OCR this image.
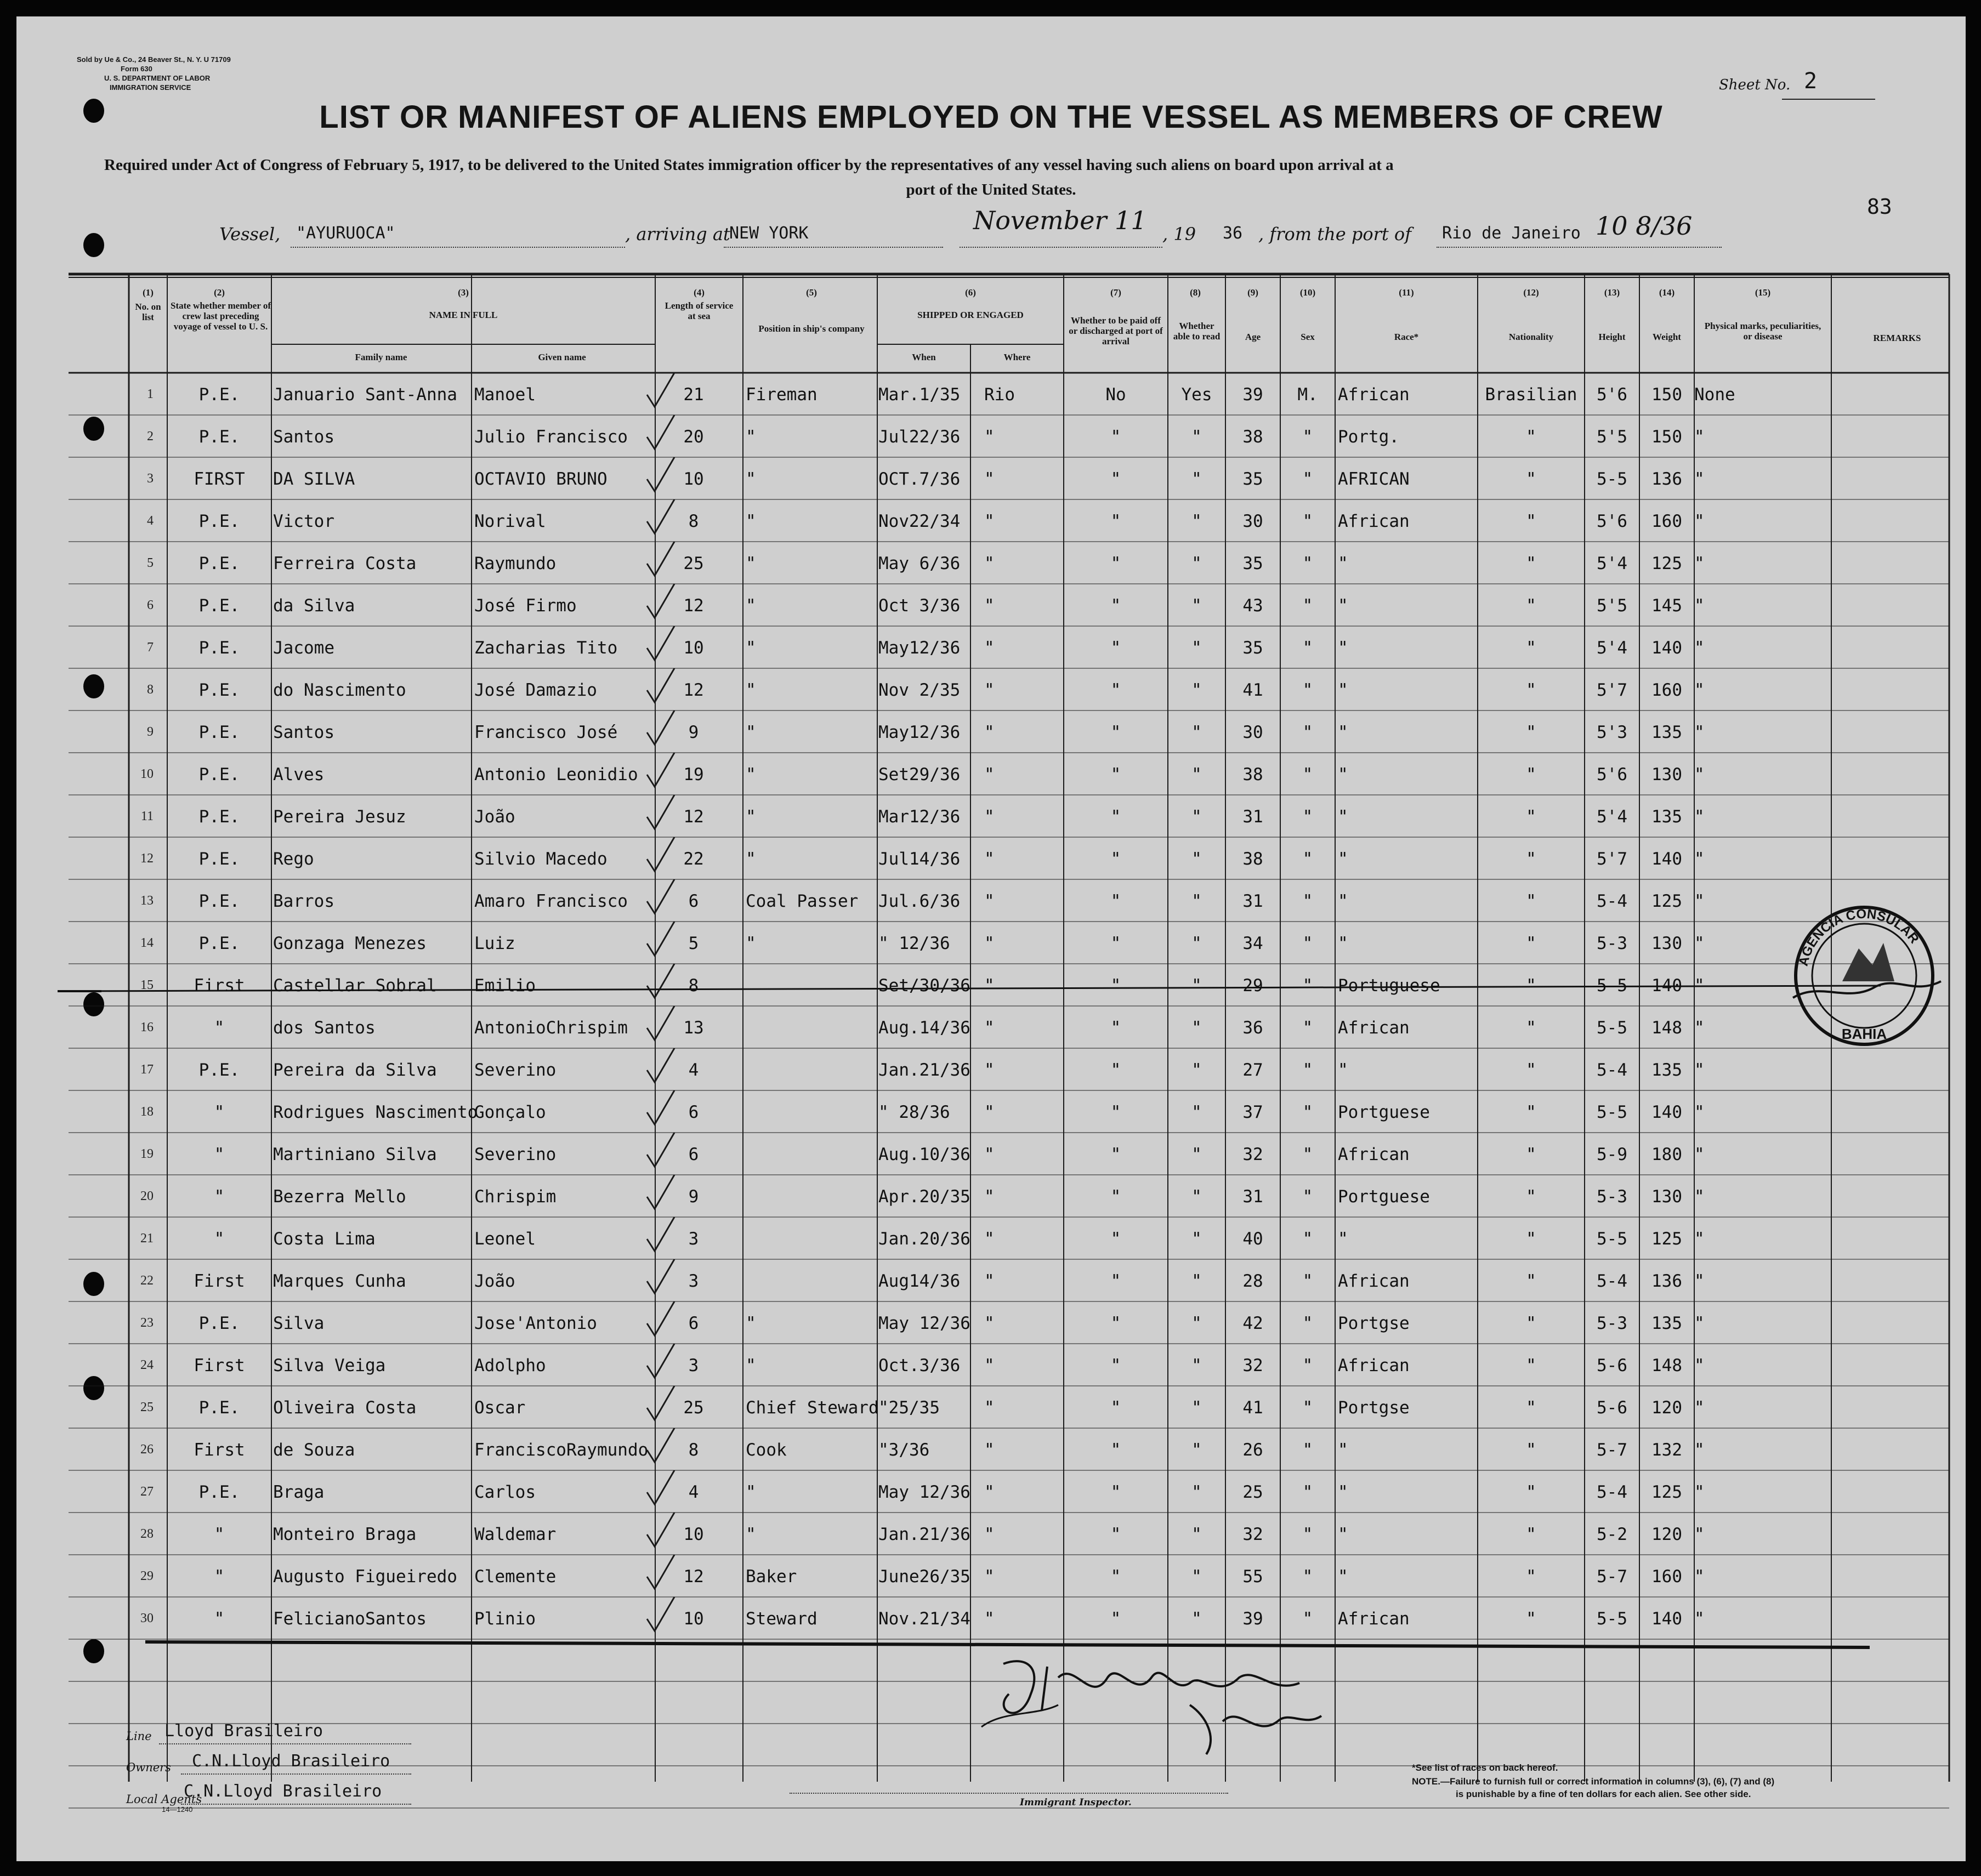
Sold by Ue & Co., 24 Beaver St., N. Y. U 71709
Form 630
U. S. DEPARTMENT OF LABOR
IMMIGRATION SERVICE	Sheet No. 2
LIST OR MANIFEST OF ALIENS EMPLOYED ON THE VESSEL AS MEMBERS OF CREW
Required under Act of Congress of February 5, 1917, to be delivered to the United States immigration officer by the representatives of any vessel having such aliens on board upon arrival at a
port of the United States.
83
Vessel, "AYURUOCA"	, arriving at
NEW YORK	November 11 , 19 36 , from the port of Rio de Janeiro 10 8/36
(1)	(2)	(3)	(4)	(5)	(6)	(7)	(8)	(9)	(10)	(11)	(12)	(13)	(14)	(15)
No. on list
State whether member of crew last preceding voyage of vessel to U. S.
NAME IN FULL
Family name	Given name
Length of service at sea
Position in ship's company
SHIPPED OR ENGAGED
When	Where
Whether to be paid off or discharged at port of arrival
Whether able to read	Age	Sex	Race*	Nationality	Height	Weight
Physical marks, peculiarities, or disease	REMARKS
1	P.E.	Januario Sant-Anna Manoel	21	Fireman	Mar.1/35 Rio	No	Yes	39	M.	African	Brasilian	5'6	150 None
2	P.E.	Santos	Julio Francisco	20	"	Jul22/36 "	"	"	38	"	Portg.	"	5'5	150 "
3	FIRST	DA SILVA	OCTAVIO BRUNO	10	"	OCT.7/36 "	"	"	35	"	AFRICAN	"	5-5	136 "
4	P.E.	Victor	Norival	8	"	Nov22/34 "	"	"	30	"	African	"	5'6	160 "
5	P.E.	Ferreira Costa	Raymundo	25	"	May 6/36 "	"	"	35	"	"	"	5'4	125 "
6	P.E.	da Silva	José Firmo	12	"	Oct 3/36 "	"	"	43	"	"	"	5'5	145 "
7	P.E.	Jacome	Zacharias Tito	10	"	May12/36 "	"	"	35	"	"	"	5'4	140 "
8	P.E.	do Nascimento	José Damazio	12	"	Nov 2/35 "	"	"	41	"	"	"	5'7	160 "
9	P.E.	Santos	Francisco José	9	"	May12/36 "	"	"	30	"	"	"	5'3	135 "
10	P.E.	Alves	Antonio Leonidio	19	"	Set29/36 "	"	"	38	"	"	"	5'6	130 "
11	P.E.	Pereira Jesuz	João	12	"	Mar12/36 "	"	"	31	"	"	"	5'4	135 "
12	P.E.	Rego	Silvio Macedo	22	"	Jul14/36 "	"	"	38	"	"	"	5'7	140 "
13	P.E.	Barros	Amaro Francisco	6	Coal Passer Jul.6/36 "	"	"	31	"	"	"	5-4	125 "
14	P.E.	Gonzaga Menezes	Luiz	5	"	" 12/36 "	"	"	34	"	"	"	5-3	130 "
15	First	Castellar Sobral Emilio	8	Set/30/36 "	"	"	29	"	Portuguese	"	5-5	140 "
16	"	dos Santos	AntonioChrispim	13	Aug.14/36 "	"	"	36	"	African	"	5-5	148 "
17	P.E.	Pereira da Silva Severino	4	Jan.21/36 "	"	"	27	"	"	"	5-4	135 "
18	"	Rodrigues Nascimento
Gonçalo	6	" 28/36 "	"	"	37	"	Portguese	"	5-5	140 "
19	"	Martiniano Silva Severino	6	Aug.10/36 "	"	"	32	"	African	"	5-9	180 "
20	"	Bezerra Mello	Chrispim	9	Apr.20/35 "	"	"	31	"	Portguese	"	5-3	130 "
21	"	Costa Lima	Leonel	3	Jan.20/36 "	"	"	40	"	"	"	5-5	125 "
22	First	Marques Cunha	João	3	Aug14/36 "	"	"	28	"	African	"	5-4	136 "
23	P.E.	Silva	Jose'Antonio	6	"	May 12/36 "	"	"	42	"	Portgse	"	5-3	135 "
24	First	Silva Veiga	Adolpho	3	"	Oct.3/36 "	"	"	32	"	African	"	5-6	148 "
25	P.E.	Oliveira Costa	Oscar	25	Chief Steward "25/35	"	"	"	41	"	Portgse	"	5-6	120 "
26	First	de Souza	FranciscoRaymundo	8	Cook	"3/36	"	"	"	26	"	"	"	5-7	132 "
27	P.E.	Braga	Carlos	4	"	May 12/36 "	"	"	25	"	"	"	5-4	125 "
28	"	Monteiro Braga	Waldemar	10	"	Jan.21/36 "	"	"	32	"	"	"	5-2	120 "
29	"	Augusto Figueiredo Clemente	12	Baker	June26/35 "	"	"	55	"	"	"	5-7	160 "
30	"	FelicianoSantos	Plinio	10	Steward	Nov.21/34 "	"	"	39	"	African	"	5-5	140 "
AGENCIA CONSULAR
BAHIA
Line Lloyd Brasileiro
Owners C.N.Lloyd Brasileiro
Local Agents
C.N.Lloyd Brasileiro
14—1240
Immigrant Inspector.
*See list of races on back hereof.
NOTE.—Failure to furnish full or correct information in columns (3), (6), (7) and (8)
is punishable by a fine of ten dollars for each alien. See other side.
